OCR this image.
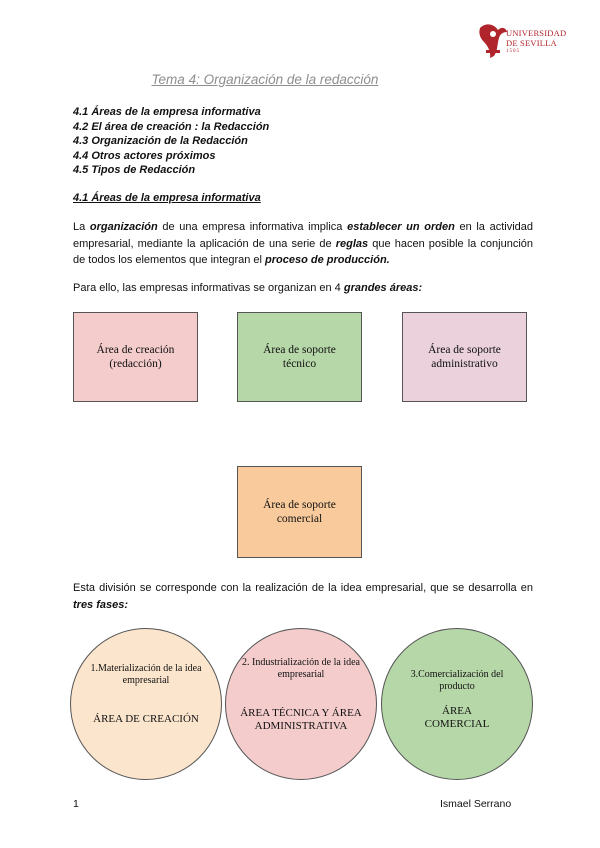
UNIVERSIDAD
DE SEVILLA
1505
Tema 4: Organización de la redacción
4.1 Áreas de la empresa informativa
4.2 El área de creación : la Redacción
4.3 Organización de la Redacción
4.4 Otros actores próximos
4.5 Tipos de Redacción
4.1 Áreas de la empresa informativa
La organización de una empresa informativa implica establecer un orden en la actividad empresarial, mediante la aplicación de una serie de reglas que hacen posible la conjunción de todos los elementos que integran el proceso de producción.
Para ello, las empresas informativas se organizan en 4 grandes áreas:
Área de creación
(redacción)
Área de soporte
técnico
Área de soporte
administrativo
Área de soporte
comercial
Esta división se corresponde con la realización de la idea empresarial, que se desarrolla en tres fases:
1.Materialización de la idea empresarial
ÁREA DE CREACIÓN
2. Industrialización de la idea empresarial
ÁREA TÉCNICA Y ÁREA ADMINISTRATIVA
3.Comercialización del producto
ÁREA COMERCIAL
1	Ismael Serrano
